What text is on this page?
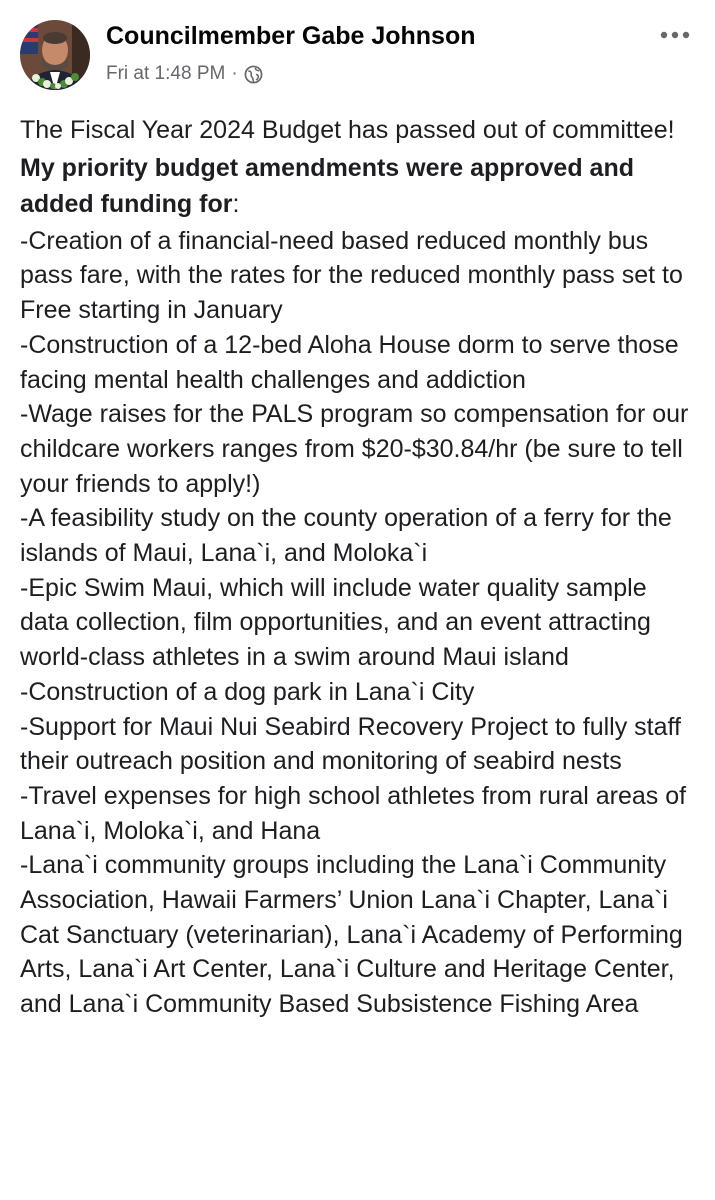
Councilmember Gabe Johnson
Fri at 1:48 PM ·

The Fiscal Year 2024 Budget has passed out of committee!

My priority budget amendments were approved and added funding for:

-Creation of a financial-need based reduced monthly bus pass fare, with the rates for the reduced monthly pass set to Free starting in January

-Construction of a 12-bed Aloha House dorm to serve those facing mental health challenges and addiction

-Wage raises for the PALS program so compensation for our childcare workers ranges from $20-$30.84/hr (be sure to tell your friends to apply!)

-A feasibility study on the county operation of a ferry for the islands of Maui, Lana`i, and Moloka`i

-Epic Swim Maui, which will include water quality sample data collection, film opportunities, and an event attracting world-class athletes in a swim around Maui island

-Construction of a dog park in Lana`i City

-Support for Maui Nui Seabird Recovery Project to fully staff their outreach position and monitoring of seabird nests

-Travel expenses for high school athletes from rural areas of Lana`i, Moloka`i, and Hana

-Lana`i community groups including the Lana`i Community Association, Hawaii Farmers’ Union Lana`i Chapter, Lana`i Cat Sanctuary (veterinarian), Lana`i Academy of Performing Arts, Lana`i Art Center, Lana`i Culture and Heritage Center, and Lana`i Community Based Subsistence Fishing Area
